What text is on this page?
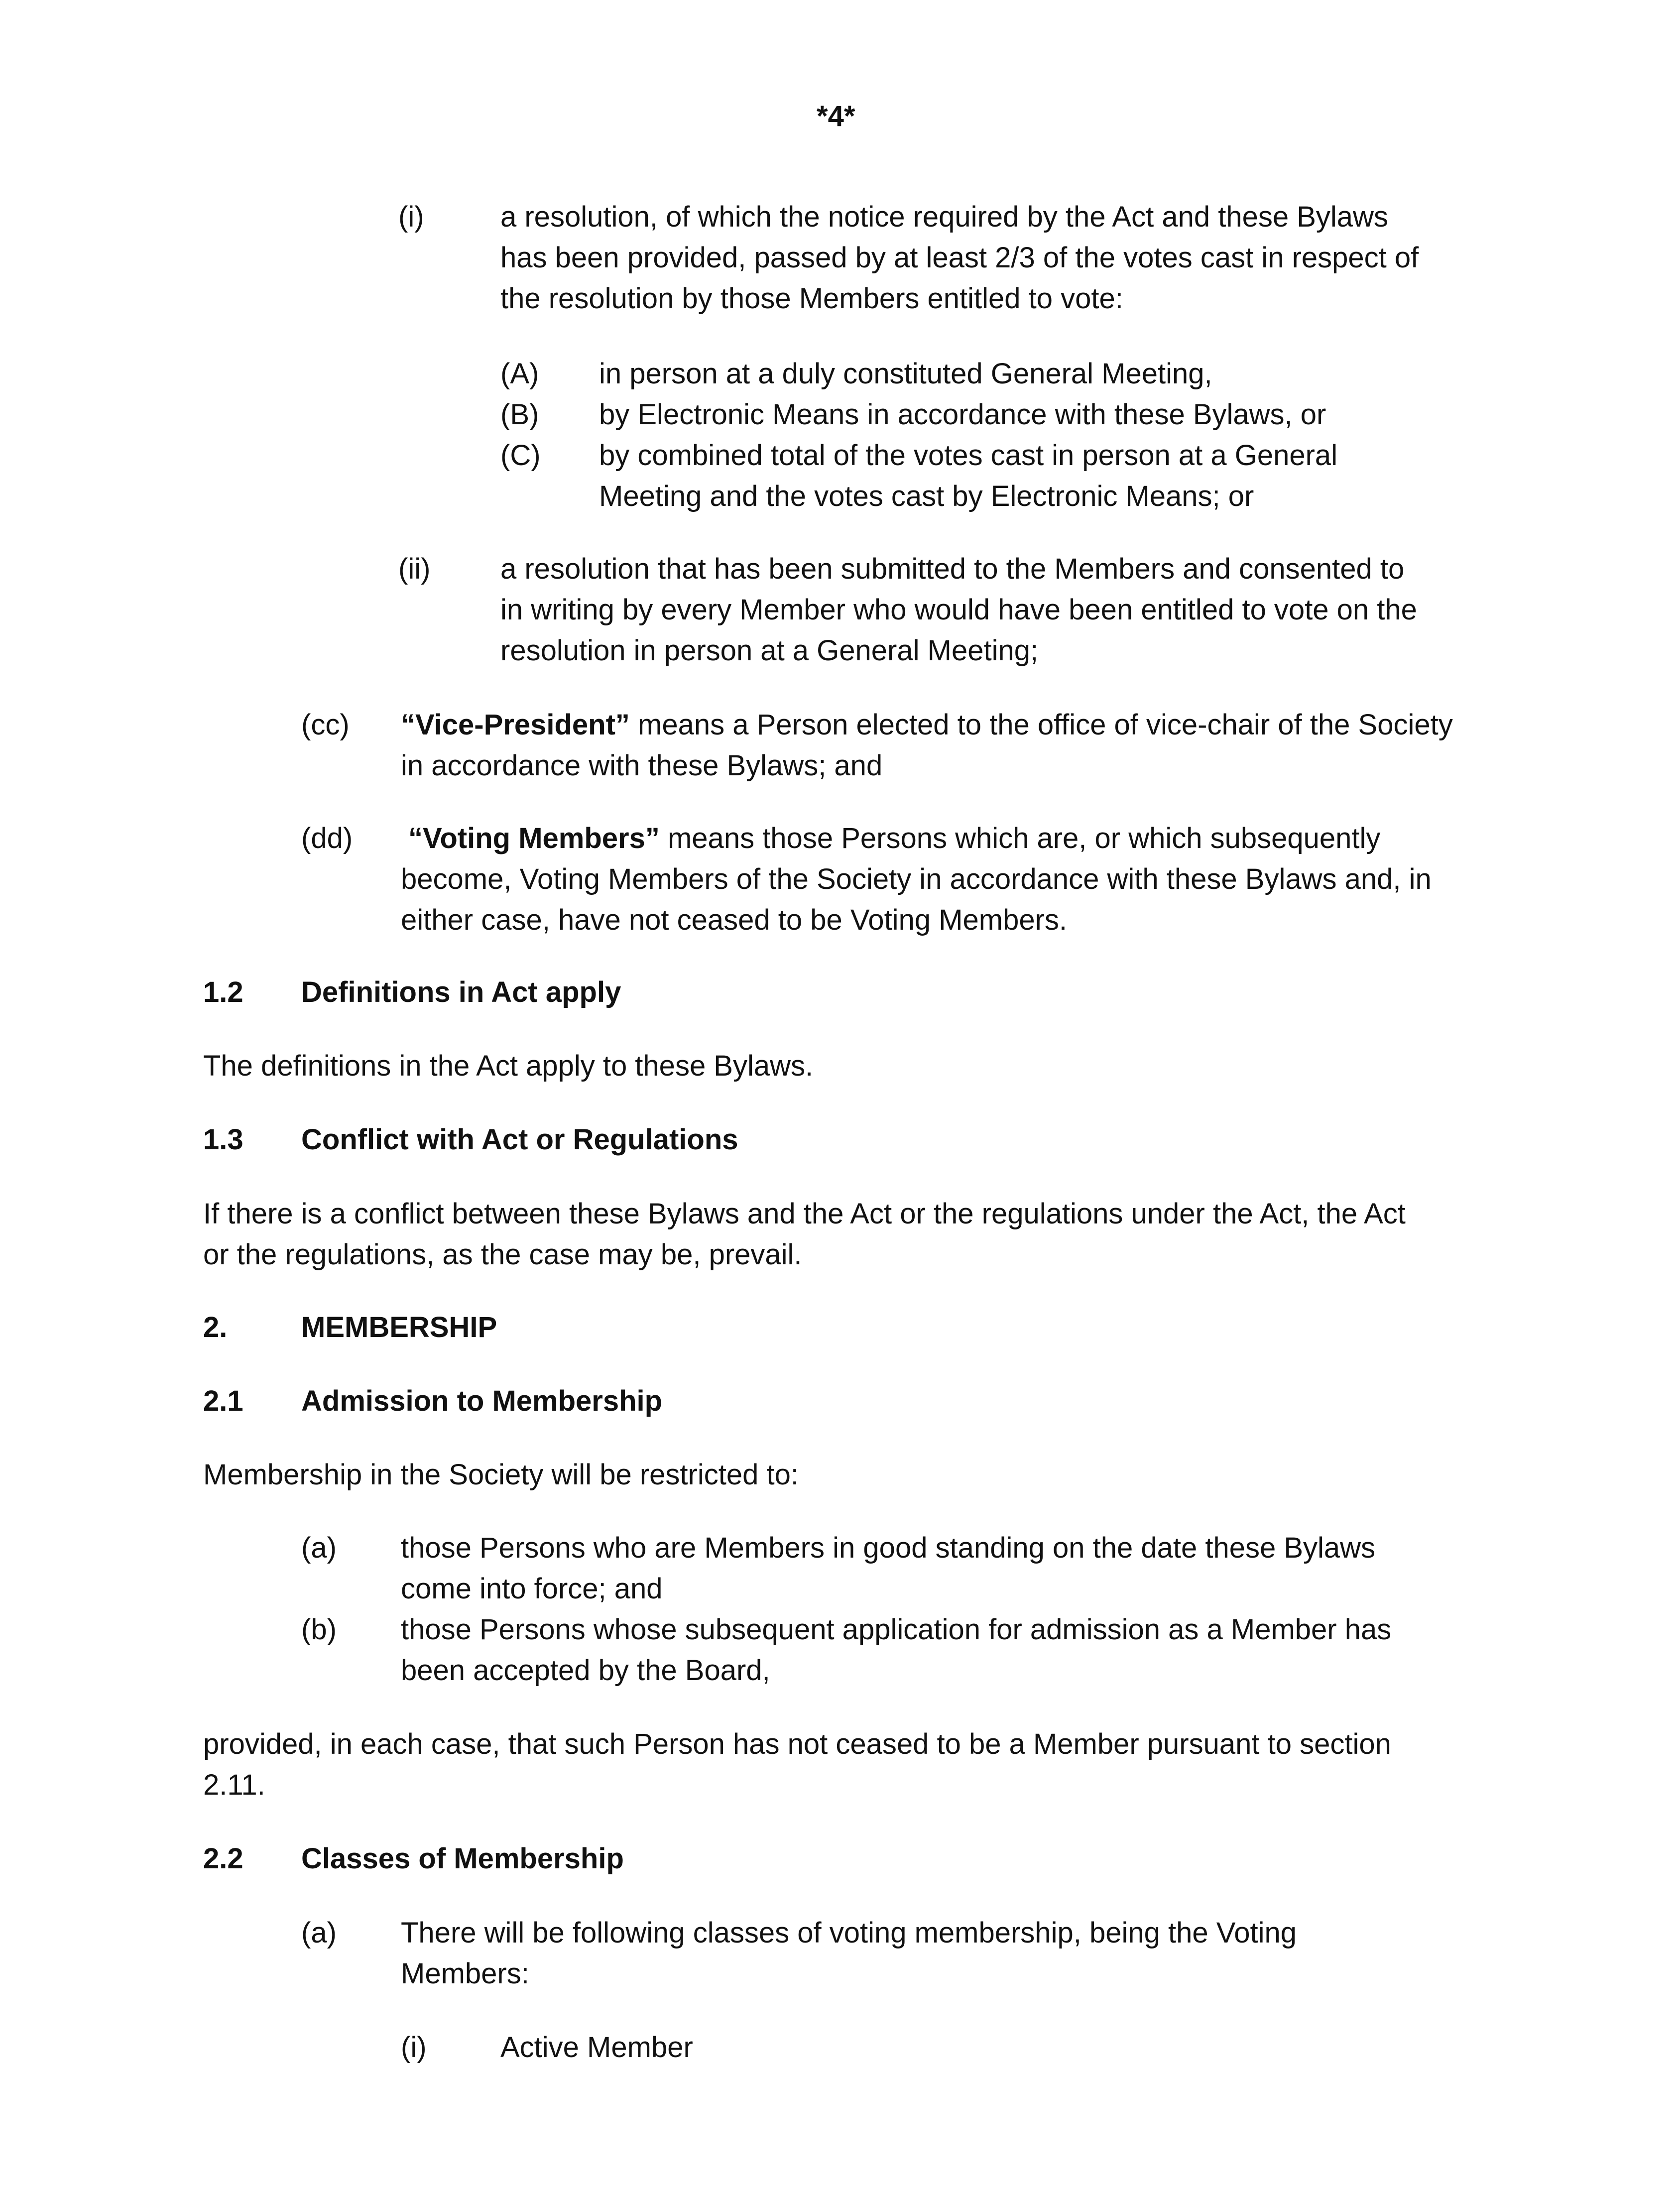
*4*
(i)	a resolution, of which the notice required by the Act and these Bylaws
has been provided, passed by at least 2/3 of the votes cast in respect of
the resolution by those Members entitled to vote:
(A) in person at a duly constituted General Meeting,
(B) by Electronic Means in accordance with these Bylaws, or
(C) by combined total of the votes cast in person at a General
Meeting and the votes cast by Electronic Means; or
(ii) a resolution that has been submitted to the Members and consented to
in writing by every Member who would have been entitled to vote on the
resolution in person at a General Meeting;
(cc) “Vice-President” means a Person elected to the office of vice-chair of the Society
in accordance with these Bylaws; and
(dd) “Voting Members” means those Persons which are, or which subsequently
become, Voting Members of the Society in accordance with these Bylaws and, in
either case, have not ceased to be Voting Members.
1.2 Definitions in Act apply
The definitions in the Act apply to these Bylaws.
1.3 Conflict with Act or Regulations
If there is a conflict between these Bylaws and the Act or the regulations under the Act, the Act
or the regulations, as the case may be, prevail.
2.	MEMBERSHIP
2.1 Admission to Membership
Membership in the Society will be restricted to:
(a) those Persons who are Members in good standing on the date these Bylaws
come into force; and
(b) those Persons whose subsequent application for admission as a Member has
been accepted by the Board,
provided, in each case, that such Person has not ceased to be a Member pursuant to section
2.11.
2.2 Classes of Membership
(a) There will be following classes of voting membership, being the Voting
Members:
(i)	Active Member
